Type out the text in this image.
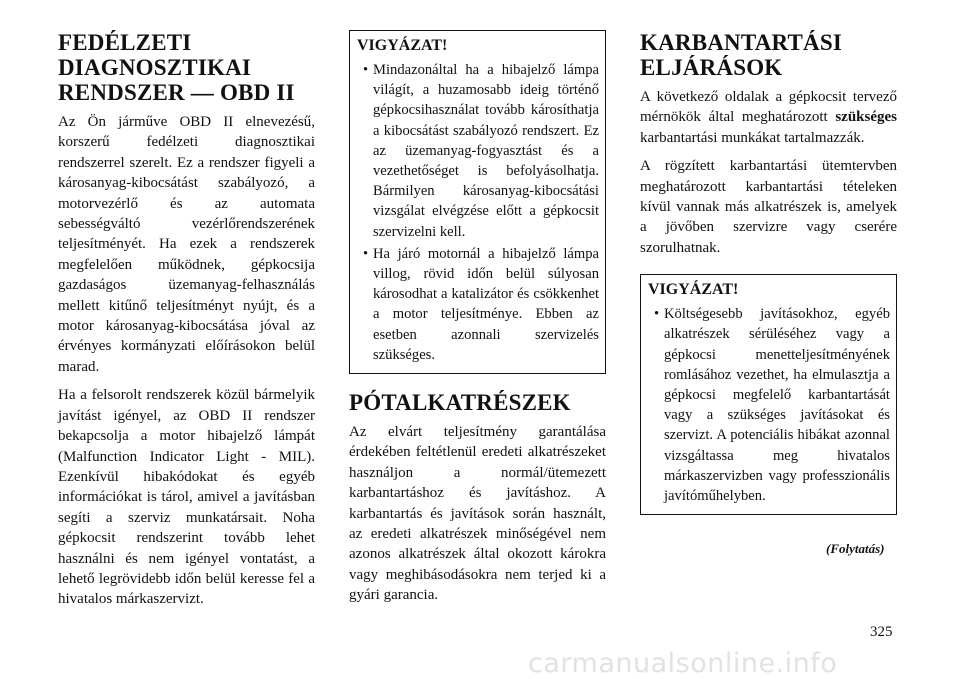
FEDÉLZETI DIAGNOSZTIKAI RENDSZER — OBD II

Az Ön járműve OBD II elnevezésű, korszerű fedélzeti diagnosztikai rendszerrel szerelt. Ez a rendszer figyeli a károsanyag-kibocsátást szabályozó, a motorvezérlő és az automata sebességváltó vezérlőrendszerének teljesítményét. Ha ezek a rendszerek megfelelően működnek, gépkocsija gazdaságos üzemanyag-felhasználás mellett kitűnő teljesítményt nyújt, és a motor károsanyag-kibocsátása jóval az érvényes kormányzati előírásokon belül marad.

Ha a felsorolt rendszerek közül bármelyik javítást igényel, az OBD II rendszer bekapcsolja a motor hibajelző lámpát (Malfunction Indicator Light - MIL). Ezenkívül hibakódokat és egyéb információkat is tárol, amivel a javításban segíti a szerviz munkatársait. Noha gépkocsit rendszerint tovább lehet használni és nem igényel vontatást, a lehető legrövidebb időn belül keresse fel a hivatalos márkaszervizt.

VIGYÁZAT!
• Mindazonáltal ha a hibajelző lámpa világít, a huzamosabb ideig történő gépkocsihasználat tovább károsíthatja a kibocsátást szabályozó rendszert. Ez az üzemanyag-fogyasztást és a vezethetőséget is befolyásolhatja. Bármilyen károsanyag-kibocsátási vizsgálat elvégzése előtt a gépkocsit szervizelni kell.
• Ha járó motornál a hibajelző lámpa villog, rövid időn belül súlyosan károsodhat a katalizátor és csökkenhet a motor teljesítménye. Ebben az esetben azonnali szervizelés szükséges.
PÓTALKATRÉSZEK

Az elvárt teljesítmény garantálása érdekében feltétlenül eredeti alkatrészeket használjon a normál/ütemezett karbantartáshoz és javításhoz. A karbantartás és javítások során használt, az eredeti alkatrészek minőségével nem azonos alkatrészek által okozott károkra vagy meghibásodásokra nem terjed ki a gyári garancia.

KARBANTARTÁSI ELJÁRÁSOK

A következő oldalak a gépkocsit tervező mérnökök által meghatározott szükséges karbantartási munkákat tartalmazzák.

A rögzített karbantartási ütemtervben meghatározott karbantartási tételeken kívül vannak más alkatrészek is, amelyek a jövőben szervizre vagy cserére szorulhatnak.

VIGYÁZAT!
• Költségesebb javításokhoz, egyéb alkatrészek sérüléséhez vagy a gépkocsi menetteljesítményének romlásához vezethet, ha elmulasztja a gépkocsi megfelelő karbantartását vagy a szükséges javításokat és szervizt. A potenciális hibákat azonnal vizsgáltassa meg hivatalos márkaszervizben vagy professzionális javítóműhelyben.
(Folytatás)
325
carmanualsonline.info
